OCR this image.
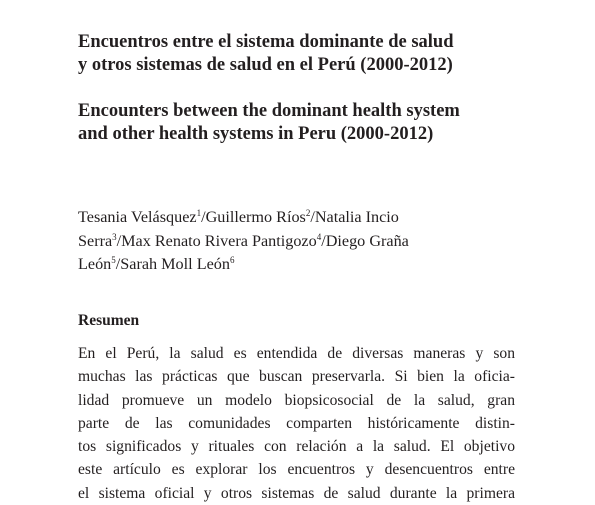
Encuentros entre el sistema dominante de salud
y otros sistemas de salud en el Perú (2000-2012)
Encounters between the dominant health system
and other health systems in Peru (2000-2012)
Tesania Velásquez$^1$/Guillermo Ríos$^2$/Natalia Incio
Serra$^3$/Max Renato Rivera Pantigozo$^4$/Diego Graña
León$^5$/Sarah Moll León$^6$
Resumen
En el Perú, la salud es entendida de diversas maneras y son
muchas las prácticas que buscan preservarla. Si bien la oficia-
lidad promueve un modelo biopsicosocial de la salud, gran
parte de las comunidades comparten históricamente distin-
tos significados y rituales con relación a la salud. El objetivo
este artículo es explorar los encuentros y desencuentros entre
el sistema oficial y otros sistemas de salud durante la primera
